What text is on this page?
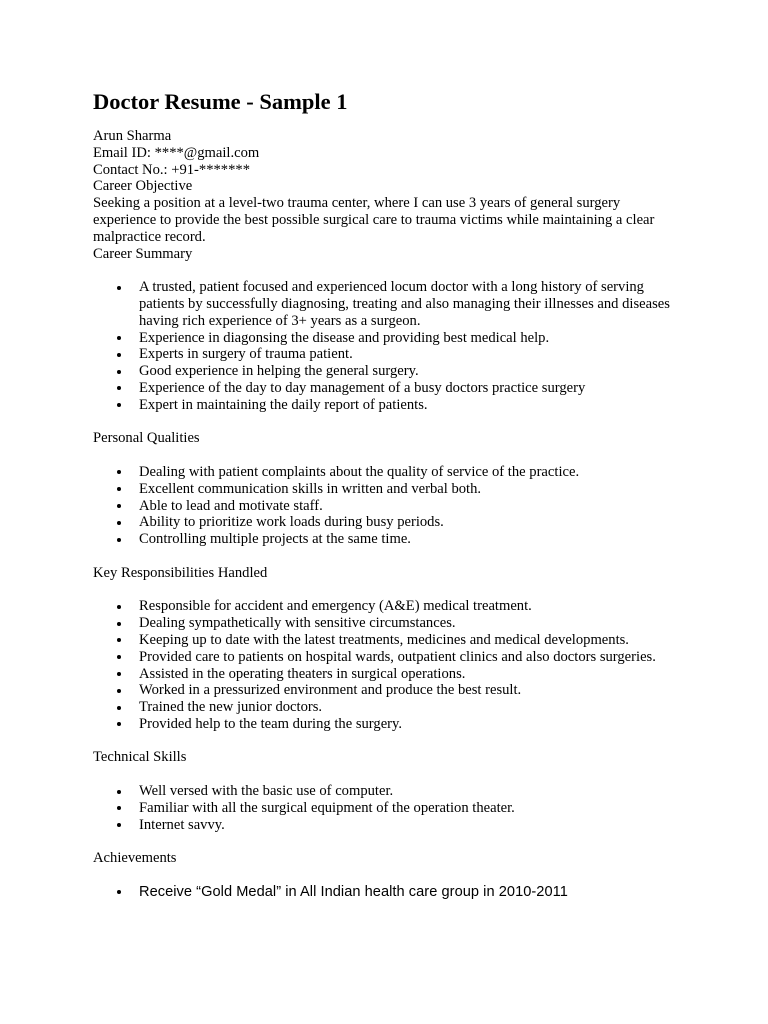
Doctor Resume - Sample 1

Arun Sharma

Email ID: ****@gmail.com

Contact No.: +91-*******

Career Objective

Seeking a position at a level-two trauma center, where I can use 3 years of general surgery experience to provide the best possible surgical care to trauma victims while maintaining a clear malpractice record.

Career Summary

A trusted, patient focused and experienced locum doctor with a long history of serving patients by successfully diagnosing, treating and also managing their illnesses and diseases having rich experience of 3+ years as a surgeon.
Experience in diagonsing the disease and providing best medical help.
Experts in surgery of trauma patient.
Good experience in helping the general surgery.
Experience of the day to day management of a busy doctors practice surgery
Expert in maintaining the daily report of patients.

Personal Qualities

Dealing with patient complaints about the quality of service of the practice.
Excellent communication skills in written and verbal both.
Able to lead and motivate staff.
Ability to prioritize work loads during busy periods.
Controlling multiple projects at the same time.

Key Responsibilities Handled

Responsible for accident and emergency (A&E) medical treatment.
Dealing sympathetically with sensitive circumstances.
Keeping up to date with the latest treatments, medicines and medical developments.
Provided care to patients on hospital wards, outpatient clinics and also doctors surgeries.
Assisted in the operating theaters in surgical operations.
Worked in a pressurized environment and produce the best result.
Trained the new junior doctors.
Provided help to the team during the surgery.

Technical Skills

Well versed with the basic use of computer.
Familiar with all the surgical equipment of the operation theater.
Internet savvy.

Achievements

Receive “Gold Medal” in All Indian health care group in 2010-2011
